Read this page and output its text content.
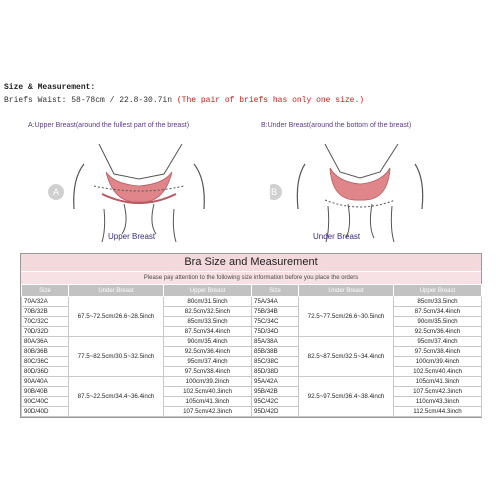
Size & Measurement:
Briefs Waist: 58-78cm / 22.8-30.7in (The pair of briefs has only one size.)
A:Upper Breast(around the fullest part of the breast)	B:Under Breast(around the bottom of the breast)
A	B
Upper Breast	Under Breast
Bra Size and Measurement
Please pay attention to the following size information before you place the orders
Size	Under Breast	Upper Breast	Size	Under Breast	Upper Breast
70A/32A	67.5~72.5cm/26.6~28.5inch	80cm/31.5inch	75A/34A	72.5~77.5cm/26.6~30.5inch	85cm/33.5inch
70B/32B		82.5cm/32.5inch	75B/34B		87.5cm/34.4inch
70C/32C		85cm/33.5inch	75C/34C		90cm/35.5inch
70D/32D		87.5cm/34.4inch	75D/34D		92.5cm/36.4inch
80A/36A	77.5~82.5cm/30.5~32.5inch	90cm/35.4inch	85A/38A	82.5~87.5cm/32.5~34.4inch	95cm/37.4inch
80B/36B		92.5cm/36.4inch	85B/38B		97.5cm/38.4inch
80C/36C		95cm/37.4inch	85C/38C		100cm/39.4inch
80D/36D		97.5cm/38.4inch	85D/38D		102.5cm/40.4inch
90A/40A	87.5~22.5cm/34.4~36.4inch	100cm/39.2inch	95A/42A	92.5~97.5cm/36.4~38.4inch	105cm/41.3inch
90B/40B		102.5cm/40.3inch	95B/42B		107.5cm/42.3inch
90C/40C		105cm/41.3inch	95C/42C		110cm/43.3inch
90D/40D		107.5cm/42.3inch	95D/42D		112.5cm/44.3inch
